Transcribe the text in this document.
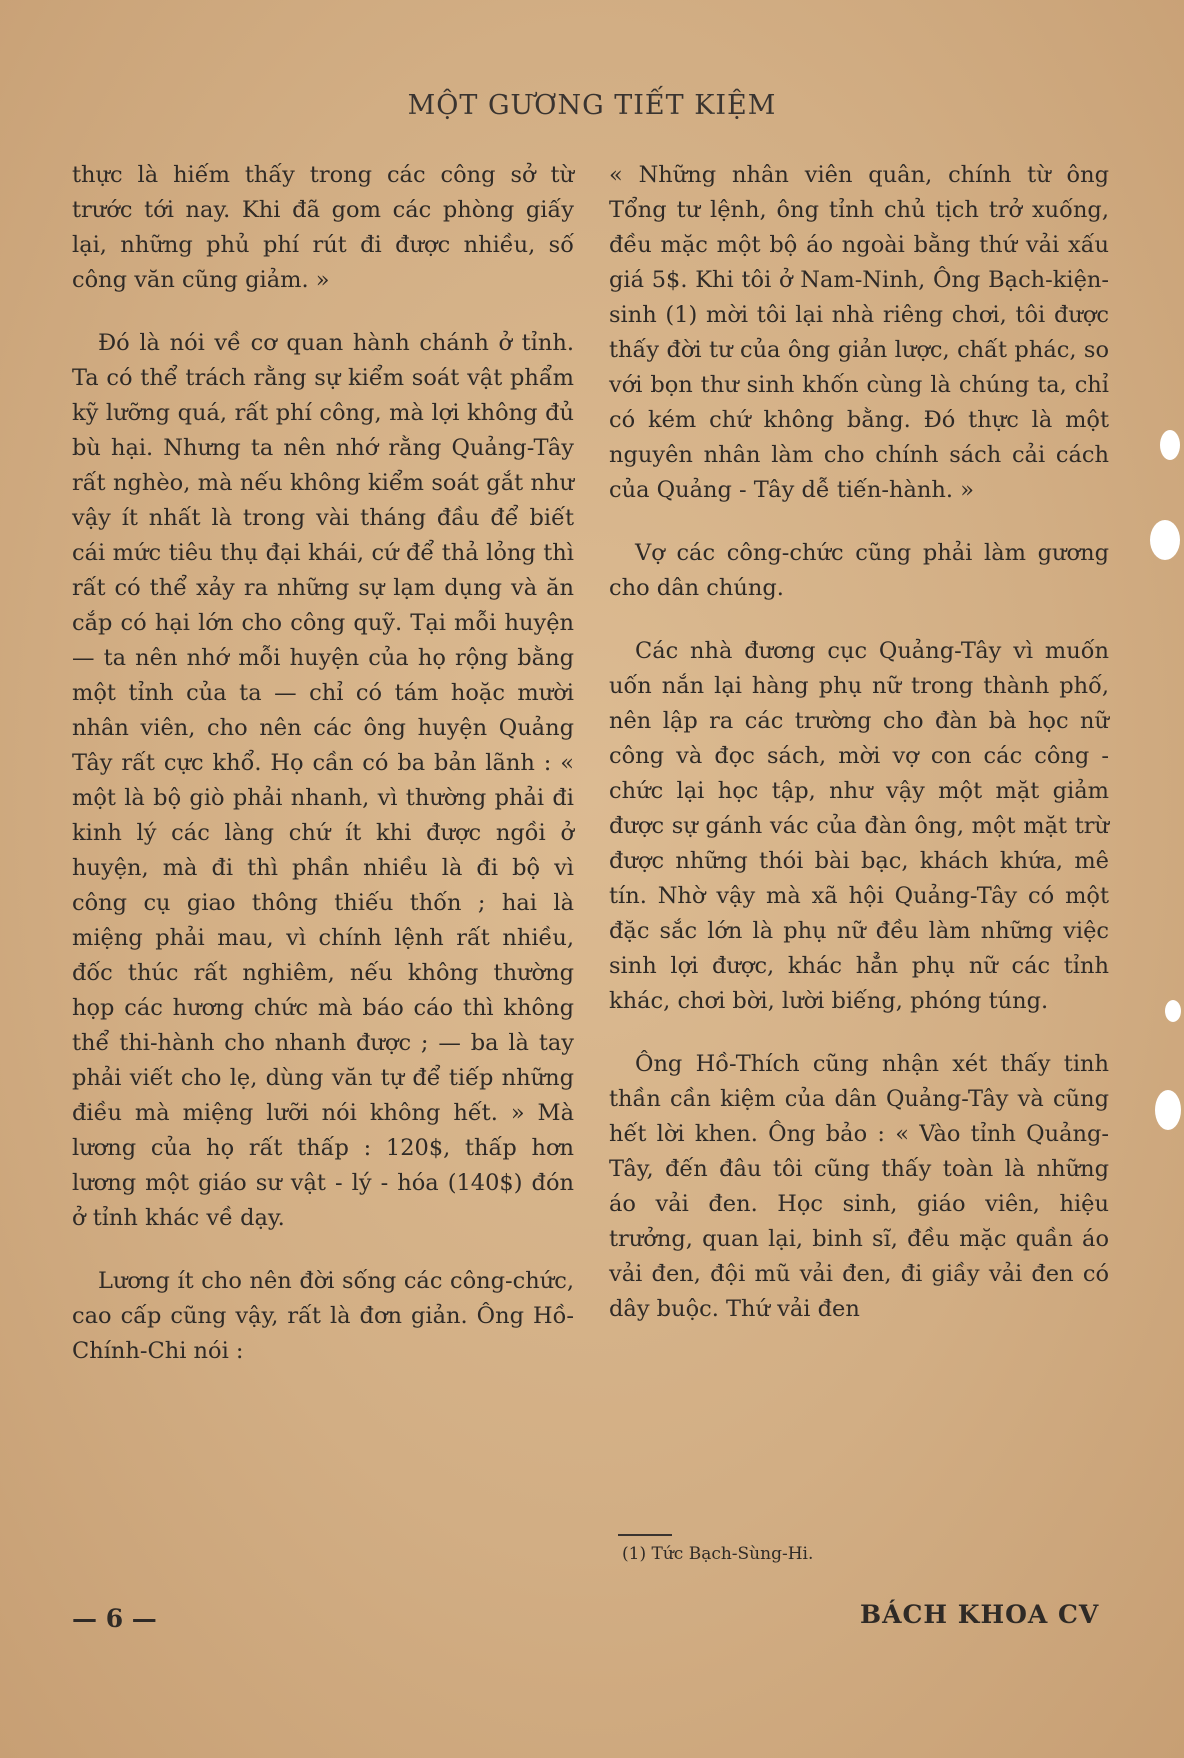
MỘT GƯƠNG TIẾT KIỆM

thực là hiếm thấy trong các công sở từ trước tới nay. Khi đã gom các phòng giấy lại, những phủ phí rút đi được nhiều, số công văn cũng giảm. »

Đó là nói về cơ quan hành chánh ở tỉnh. Ta có thể trách rằng sự kiểm soát vật phẩm kỹ lưỡng quá, rất phí công, mà lợi không đủ bù hại. Nhưng ta nên nhớ rằng Quảng-Tây rất nghèo, mà nếu không kiểm soát gắt như vậy ít nhất là trong vài tháng đầu để biết cái mức tiêu thụ đại khái, cứ để thả lỏng thì rất có thể xảy ra những sự lạm dụng và ăn cắp có hại lớn cho công quỹ. Tại mỗi huyện — ta nên nhớ mỗi huyện của họ rộng bằng một tỉnh của ta — chỉ có tám hoặc mười nhân viên, cho nên các ông huyện Quảng Tây rất cực khổ. Họ cần có ba bản lãnh : « một là bộ giò phải nhanh, vì thường phải đi kinh lý các làng chứ ít khi được ngồi ở huyện, mà đi thì phần nhiều là đi bộ vì công cụ giao thông thiếu thốn ; hai là miệng phải mau, vì chính lệnh rất nhiều, đốc thúc rất nghiêm, nếu không thường họp các hương chức mà báo cáo thì không thể thi-hành cho nhanh được ; — ba là tay phải viết cho lẹ, dùng văn tự để tiếp những điều mà miệng lưỡi nói không hết. » Mà lương của họ rất thấp : 120$, thấp hơn lương một giáo sư vật - lý - hóa (140$) đón ở tỉnh khác về dạy.

Lương ít cho nên đời sống các công-chức, cao cấp cũng vậy, rất là đơn giản. Ông Hồ-Chính-Chi nói :

« Những nhân viên quân, chính từ ông Tổng tư lệnh, ông tỉnh chủ tịch trở xuống, đều mặc một bộ áo ngoài bằng thứ vải xấu giá 5$. Khi tôi ở Nam-Ninh, Ông Bạch-kiện-sinh (1) mời tôi lại nhà riêng chơi, tôi được thấy đời tư của ông giản lược, chất phác, so với bọn thư sinh khốn cùng là chúng ta, chỉ có kém chứ không bằng. Đó thực là một nguyên nhân làm cho chính sách cải cách của Quảng - Tây dễ tiến-hành. »

Vợ các công-chức cũng phải làm gương cho dân chúng.

Các nhà đương cục Quảng-Tây vì muốn uốn nắn lại hàng phụ nữ trong thành phố, nên lập ra các trường cho đàn bà học nữ công và đọc sách, mời vợ con các công - chức lại học tập, như vậy một mặt giảm được sự gánh vác của đàn ông, một mặt trừ được những thói bài bạc, khách khứa, mê tín. Nhờ vậy mà xã hội Quảng-Tây có một đặc sắc lớn là phụ nữ đều làm những việc sinh lợi được, khác hẳn phụ nữ các tỉnh khác, chơi bời, lười biếng, phóng túng.

Ông Hồ-Thích cũng nhận xét thấy tinh thần cần kiệm của dân Quảng-Tây và cũng hết lời khen. Ông bảo : « Vào tỉnh Quảng-Tây, đến đâu tôi cũng thấy toàn là những áo vải đen. Học sinh, giáo viên, hiệu trưởng, quan lại, binh sĩ, đều mặc quần áo vải đen, đội mũ vải đen, đi giầy vải đen có dây buộc. Thứ vải đen

(1) Tức Bạch-Sùng-Hi.
— 6 —	BÁCH KHOA CV
